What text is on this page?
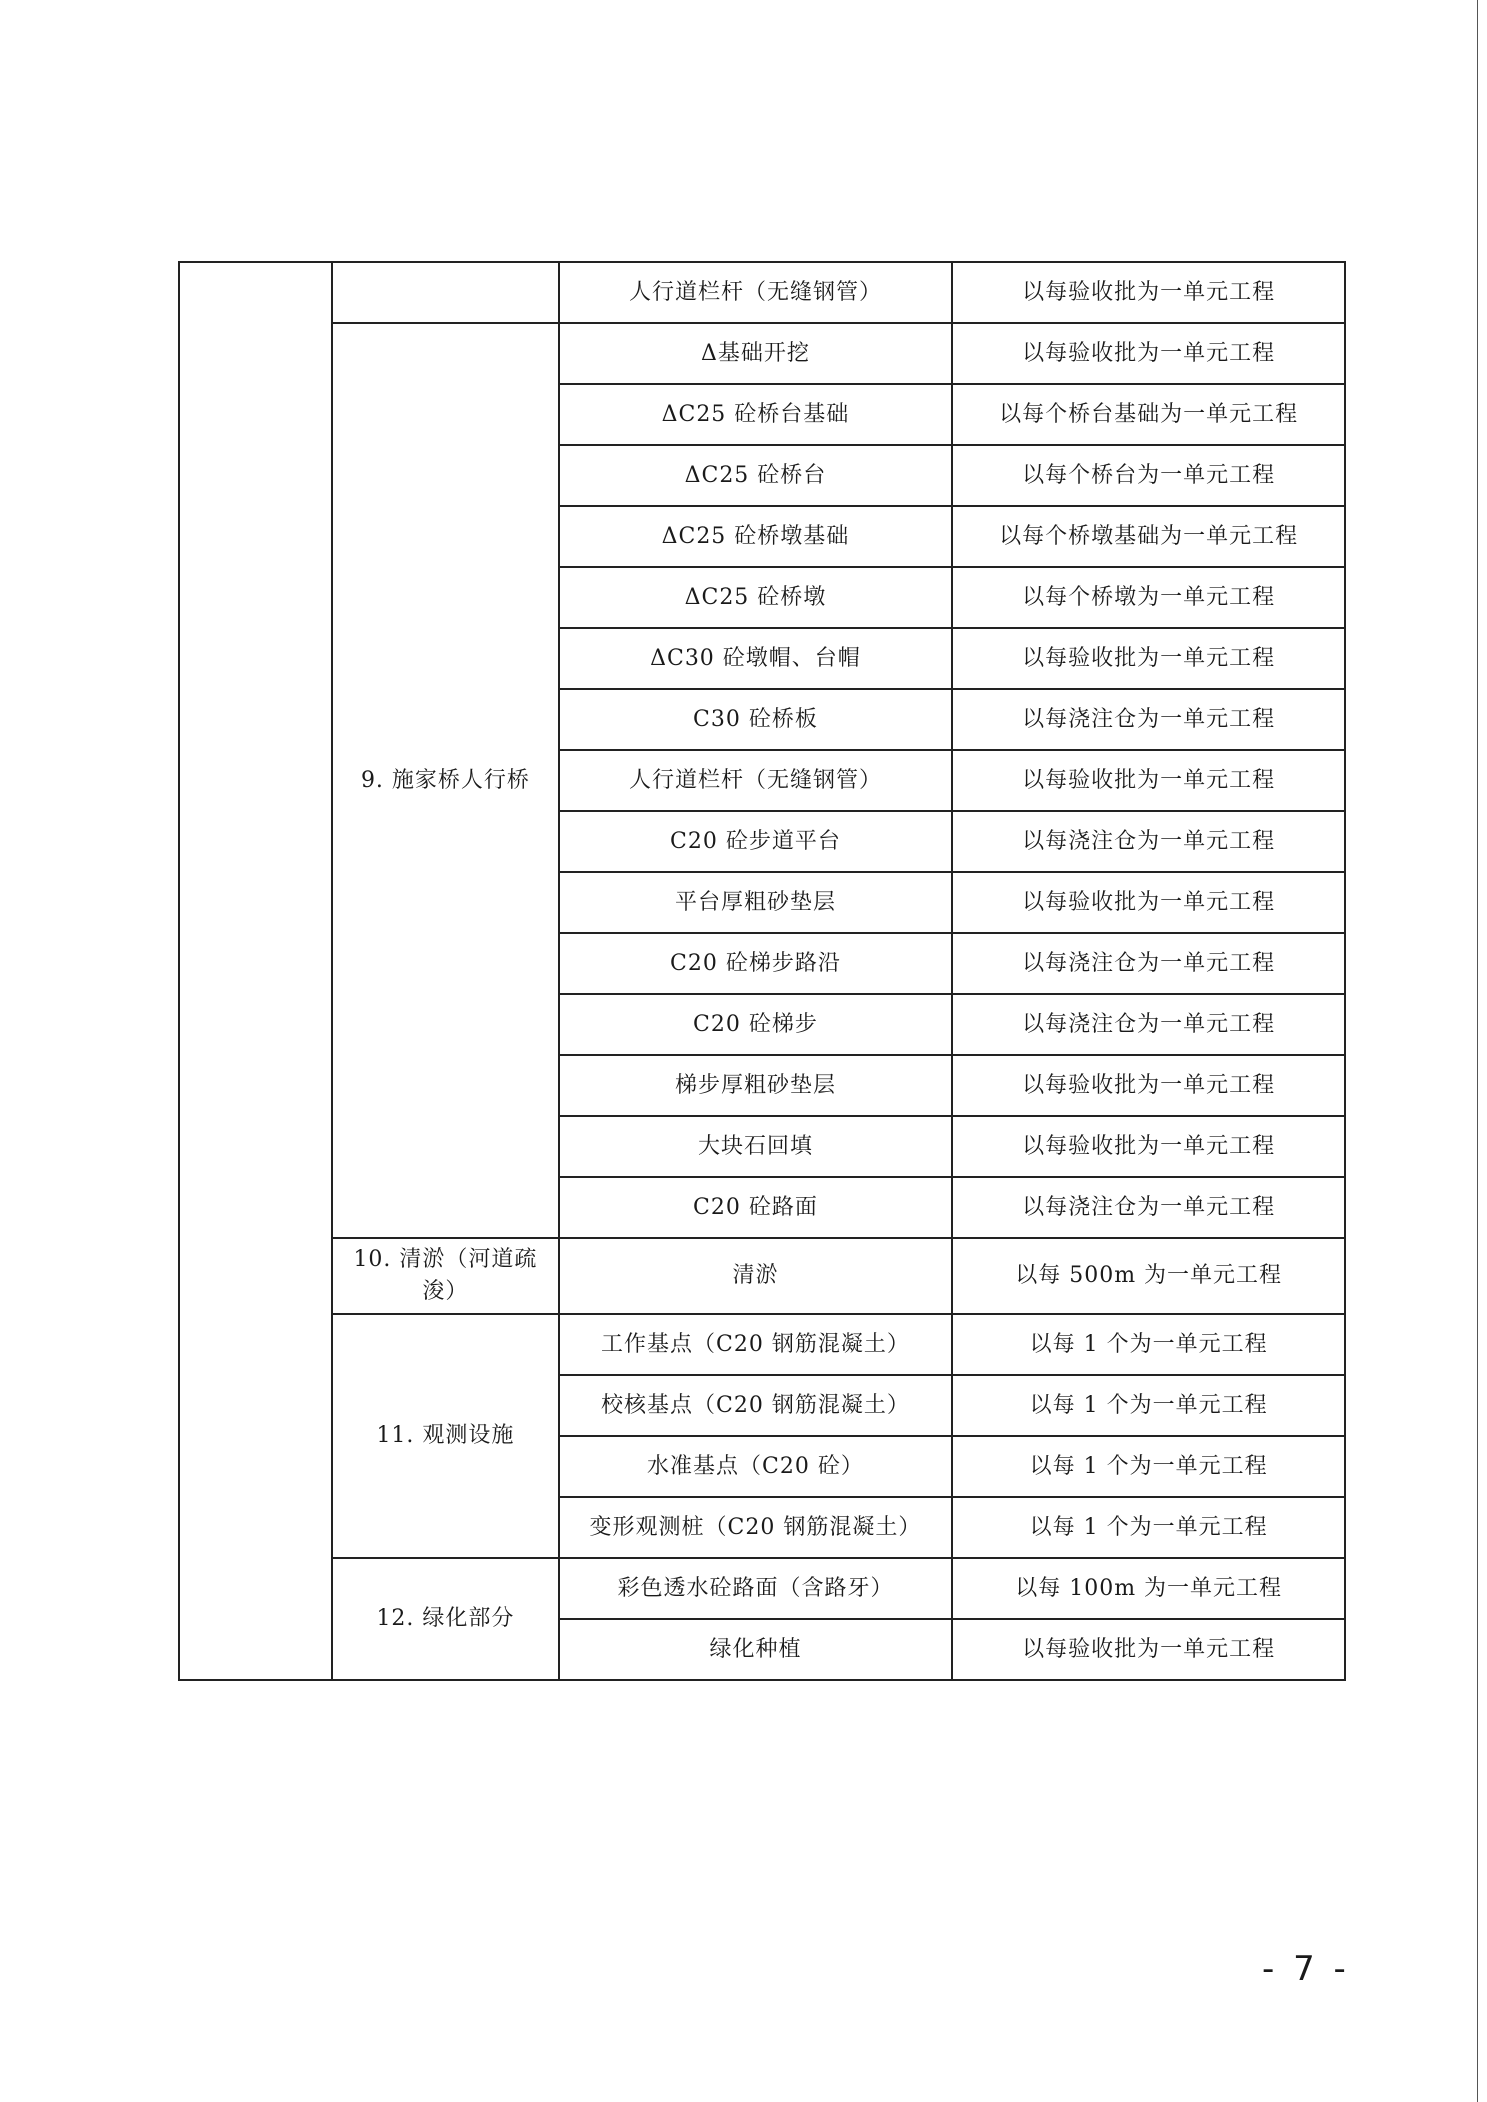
		人行道栏杆（无缝钢管）	以每验收批为一单元工程
	9. 施家桥人行桥	Δ基础开挖	以每验收批为一单元工程
		ΔC25 砼桥台基础	以每个桥台基础为一单元工程
		ΔC25 砼桥台	以每个桥台为一单元工程
		ΔC25 砼桥墩基础	以每个桥墩基础为一单元工程
		ΔC25 砼桥墩	以每个桥墩为一单元工程
		ΔC30 砼墩帽、台帽	以每验收批为一单元工程
		C30 砼桥板	以每浇注仓为一单元工程
		人行道栏杆（无缝钢管）	以每验收批为一单元工程
		C20 砼步道平台	以每浇注仓为一单元工程
		平台厚粗砂垫层	以每验收批为一单元工程
		C20 砼梯步路沿	以每浇注仓为一单元工程
		C20 砼梯步	以每浇注仓为一单元工程
		梯步厚粗砂垫层	以每验收批为一单元工程
		大块石回填	以每验收批为一单元工程
		C20 砼路面	以每浇注仓为一单元工程
	10. 清淤（河道疏浚）	清淤	以每 500m 为一单元工程
	11. 观测设施	工作基点（C20 钢筋混凝土）	以每 1 个为一单元工程
		校核基点（C20 钢筋混凝土）	以每 1 个为一单元工程
		水准基点（C20 砼）	以每 1 个为一单元工程
		变形观测桩（C20 钢筋混凝土）	以每 1 个为一单元工程
	12. 绿化部分	彩色透水砼路面（含路牙）	以每 100m 为一单元工程
		绿化种植	以每验收批为一单元工程
- 7 -
